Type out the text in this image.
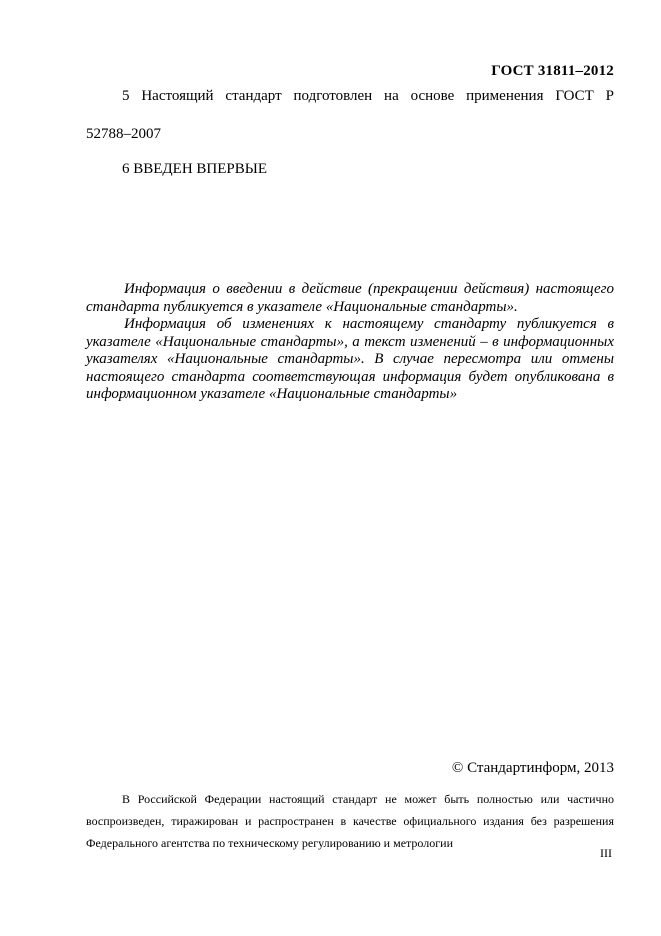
ГОСТ 31811–2012
5 Настоящий стандарт подготовлен на основе применения ГОСТ Р
52788–2007
6 ВВЕДЕН ВПЕРВЫЕ

Информация о введении в действие (прекращении действия) настоящего стандарта публикуется в указателе «Национальные стандарты».

Информация об изменениях к настоящему стандарту публикуется в указателе «Национальные стандарты», а текст изменений – в информационных указателях «Национальные стандарты». В случае пересмотра или отмены настоящего стандарта соответствующая информация будет опубликована в информационном указателе «Национальные стандарты»

© Стандартинформ, 2013

В Российской Федерации настоящий стандарт не может быть полностью или частично воспроизведен, тиражирован и распространен в качестве официального издания без разрешения Федерального агентства по техническому регулированию и метрологии

III
